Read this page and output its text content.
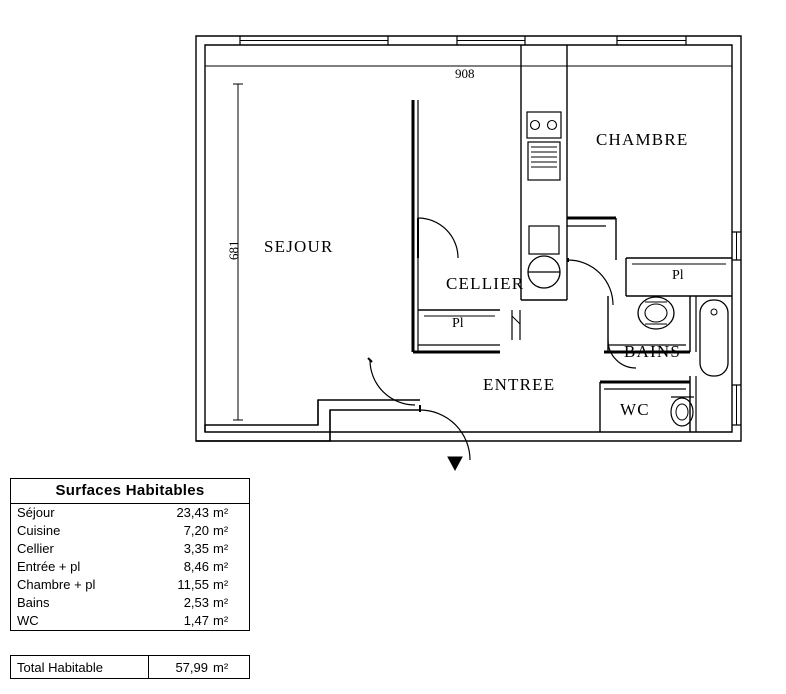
SEJOUR
CHAMBRE
CELLIER
ENTREE
BAINS
WC
Pl
Pl
908
681
Surfaces Habitables
Séjour	23,43	m²
Cuisine	7,20	m²
Cellier	3,35	m²
Entrée + pl	8,46	m²
Chambre + pl	11,55	m²
Bains	2,53	m²
WC	1,47	m²
Total Habitable	57,99	m²
